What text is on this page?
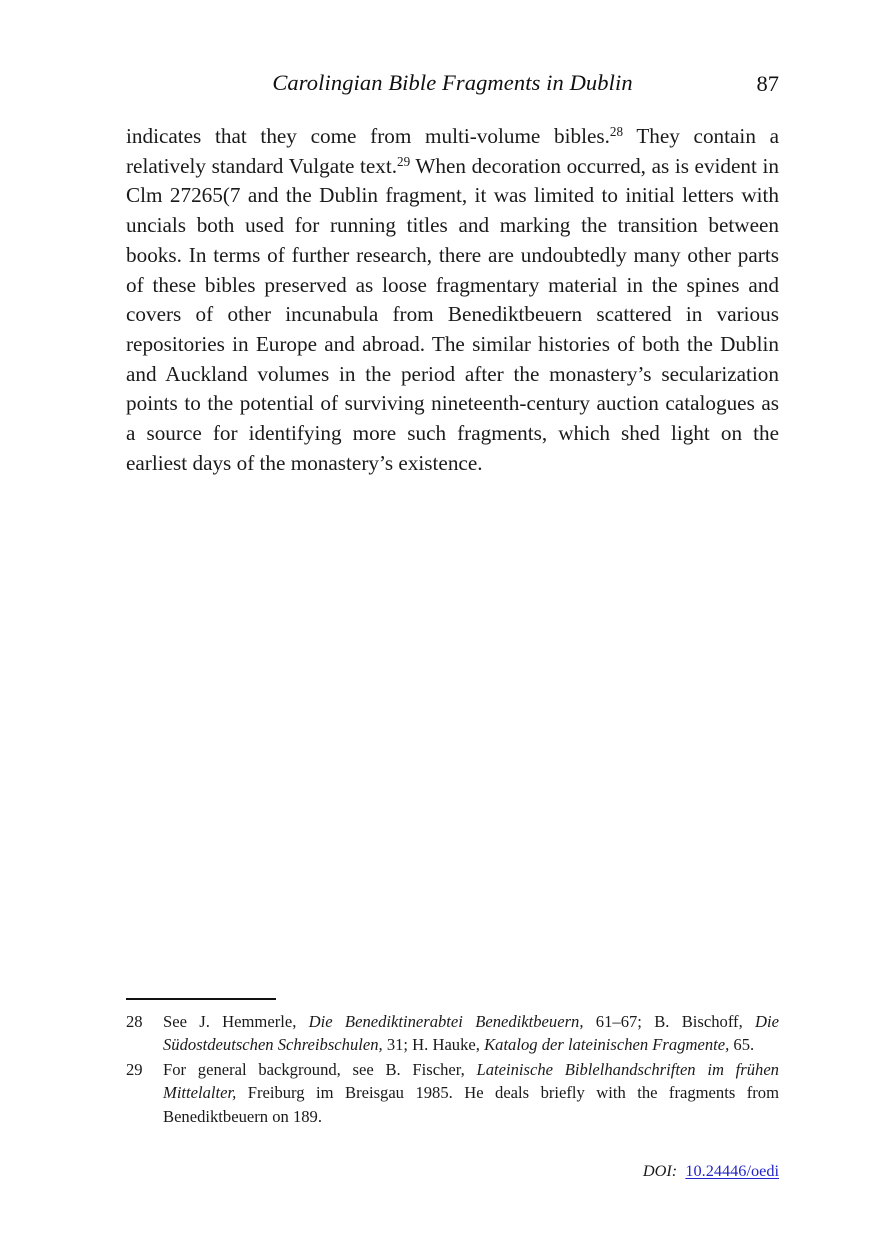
Carolingian Bible Fragments in Dublin	87

indicates that they come from multi-volume bibles.$^{28}$ They contain a relatively standard Vulgate text.$^{29}$ When decoration occurred, as is evident in Clm 27265(7 and the Dublin fragment, it was limited to initial letters with uncials both used for running titles and marking the transition between books. In terms of further research, there are undoubtedly many other parts of these bibles preserved as loose fragmentary material in the spines and covers of other incunabula from Benediktbeuern scattered in various repositories in Europe and abroad. The similar histories of both the Dublin and Auckland volumes in the period after the monastery’s secularization points to the potential of surviving nineteenth-century auction catalogues as a source for identifying more such fragments, which shed light on the earliest days of the monastery’s existence.

28	See J. Hemmerle, Die Benediktinerabtei Benediktbeuern, 61–67; B. Bischoff, Die Südostdeutschen Schreibschulen, 31; H. Hauke, Katalog der lateinischen Fragmente, 65.
29	For general background, see B. Fischer, Lateinische Biblelhandschriften im frühen Mittelalter, Freiburg im Breisgau 1985. He deals briefly with the fragments from Benediktbeuern on 189.
DOI: 10.24446/oedi
